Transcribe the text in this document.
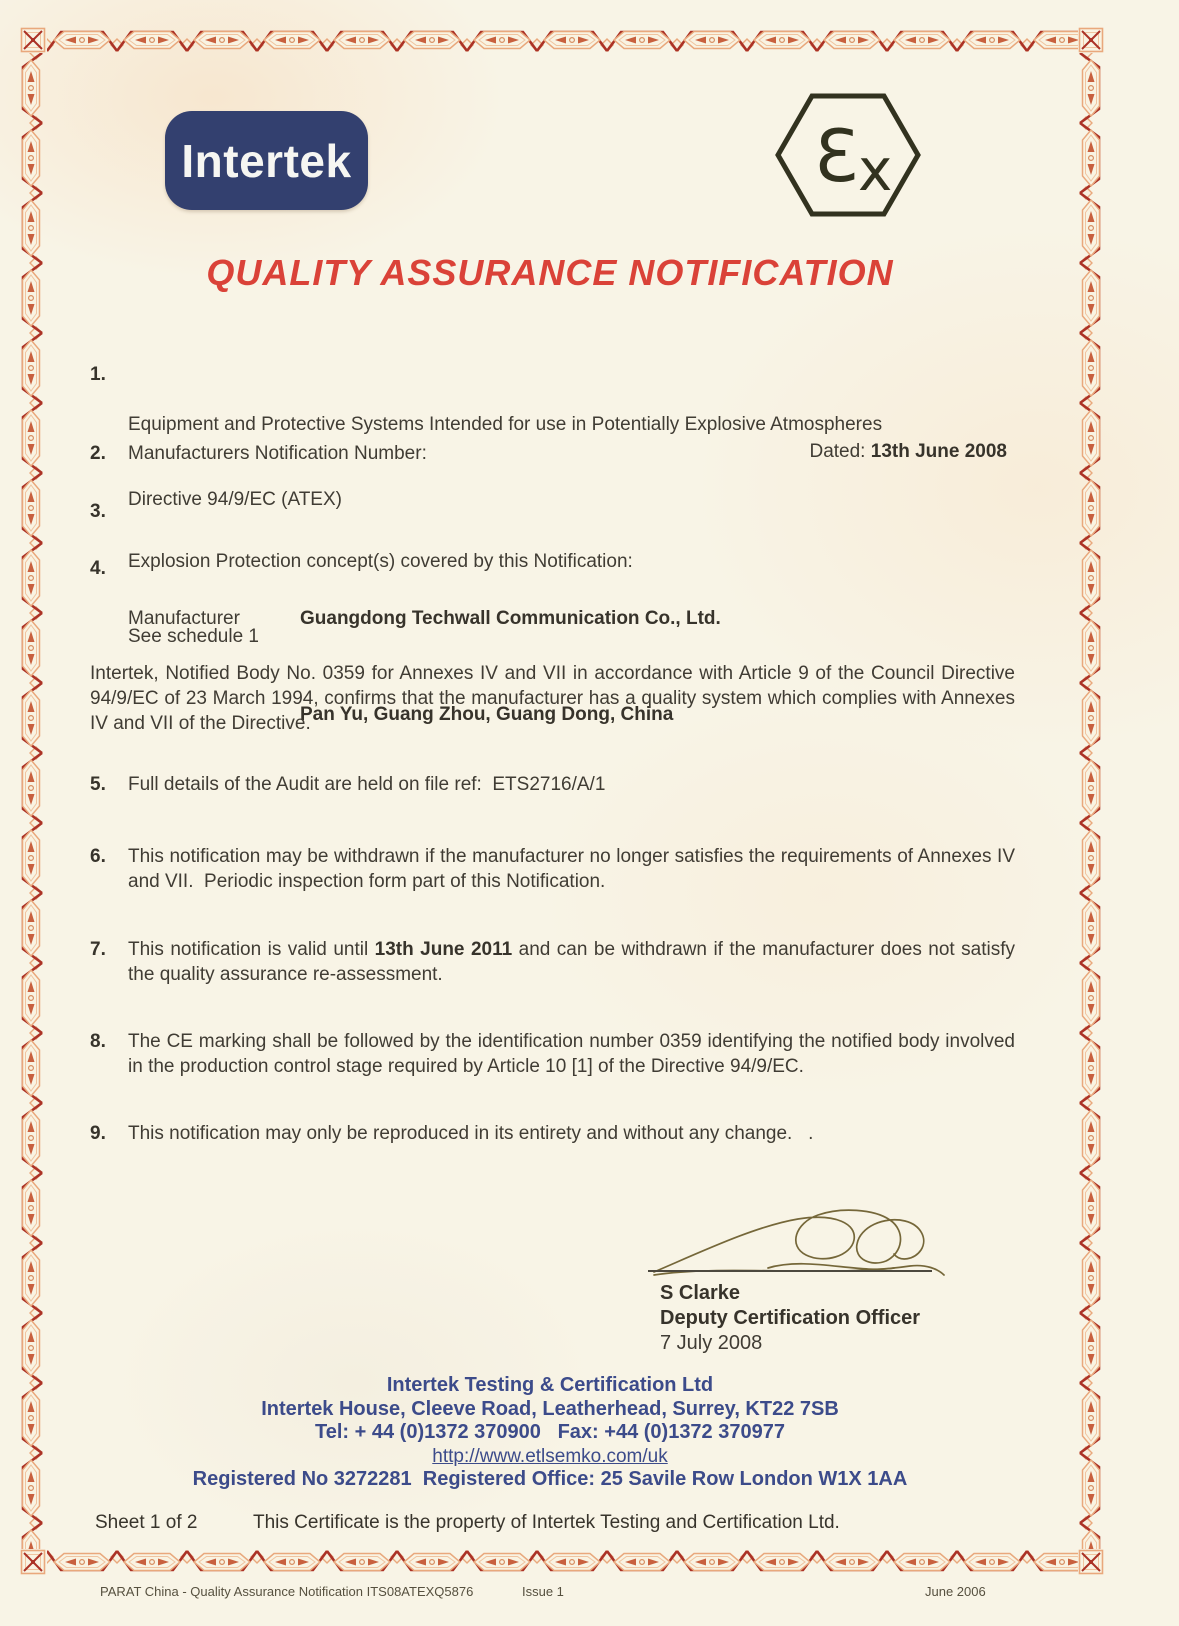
Intertek	Ɛ x
QUALITY ASSURANCE NOTIFICATION
1.

Equipment and Protective Systems Intended for use in Potentially Explosive Atmospheres

Directive 94/9/EC (ATEX)

2.	Manufacturers Notification Number:	Dated: 13th June 2008
3.

Explosion Protection concept(s) covered by this Notification:

See schedule 1

4.

Manufacturer	Guangdong Techwall Communication Co., Ltd.

Pan Yu, Guang Zhou, Guang Dong, China

Intertek, Notified Body No. 0359 for Annexes IV and VII in accordance with Article 9 of the Council Directive 94/9/EC of 23 March 1994, confirms that the manufacturer has a quality system which complies with Annexes IV and VII of the Directive.
5.	Full details of the Audit are held on file ref:  ETS2716/A/1
6.	This notification may be withdrawn if the manufacturer no longer satisfies the requirements of Annexes IV and VII.  Periodic inspection form part of this Notification.
7.	This notification is valid until 13th June 2011 and can be withdrawn if the manufacturer does not satisfy the quality assurance re-assessment.
8.	The CE marking shall be followed by the identification number 0359 identifying the notified body involved in the production control stage required by Article 10 [1] of the Directive 94/9/EC.
9.	This notification may only be reproduced in its entirety and without any change.   .
S Clarke
Deputy Certification Officer
7 July 2008
Intertek Testing & Certification Ltd
Intertek House, Cleeve Road, Leatherhead, Surrey, KT22 7SB
Tel: + 44 (0)1372 370900   Fax: +44 (0)1372 370977
http://www.etlsemko.com/uk
Registered No 3272281  Registered Office: 25 Savile Row London W1X 1AA
Sheet 1 of 2	This Certificate is the property of Intertek Testing and Certification Ltd.
PARAT China - Quality Assurance Notification ITS08ATEXQ5876	Issue 1	June 2006
